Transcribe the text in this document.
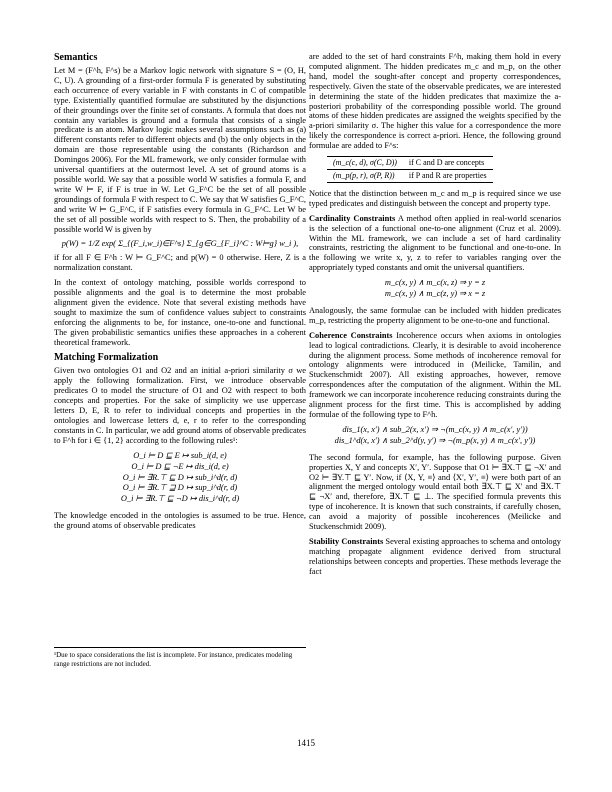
Semantics

Let M = (F^h, F^s) be a Markov logic network with signature S = (O, H, C, U). A grounding of a first-order formula F is generated by substituting each occurrence of every variable in F with constants in C of compatible type. Existentially quantified formulae are substituted by the disjunctions of their groundings over the finite set of constants. A formula that does not contain any variables is ground and a formula that consists of a single predicate is an atom. Markov logic makes several assumptions such as (a) different constants refer to different objects and (b) the only objects in the domain are those representable using the constants (Richardson and Domingos 2006). For the ML framework, we only consider formulae with universal quantifiers at the outermost level. A set of ground atoms is a possible world. We say that a possible world W satisfies a formula F, and write W ⊨ F, if F is true in W. Let G_F^C be the set of all possible groundings of formula F with respect to C. We say that W satisfies G_F^C, and write W ⊨ G_F^C, if F satisfies every formula in G_F^C. Let W be the set of all possible worlds with respect to S. Then, the probability of a possible world W is given by

p(W) = 1/Z exp( Σ_{(F_i,w_i)∈F^s} Σ_{g∈G_{F_i}^C : W⊨g} w_i ),

if for all F ∈ F^h : W ⊨ G_F^C; and p(W) = 0 otherwise. Here, Z is a normalization constant.

In the context of ontology matching, possible worlds correspond to possible alignments and the goal is to determine the most probable alignment given the evidence. Note that several existing methods have sought to maximize the sum of confidence values subject to constraints enforcing the alignments to be, for instance, one-to-one and functional. The given probabilistic semantics unifies these approaches in a coherent theoretical framework.

Matching Formalization

Given two ontologies O1 and O2 and an initial a-priori similarity σ we apply the following formalization. First, we introduce observable predicates O to model the structure of O1 and O2 with respect to both concepts and properties. For the sake of simplicity we use uppercase letters D, E, R to refer to individual concepts and properties in the ontologies and lowercase letters d, e, r to refer to the corresponding constants in C. In particular, we add ground atoms of observable predicates to F^h for i ∈ {1, 2} according to the following rules¹:

O_i ⊨ D ⊑ E ↦ sub_i(d, e)
O_i ⊨ D ⊑ ¬E ↦ dis_i(d, e)
O_i ⊨ ∃R.⊤ ⊑ D ↦ sub_i^d(r, d)
O_i ⊨ ∃R.⊤ ⊒ D ↦ sup_i^d(r, d)
O_i ⊨ ∃R.⊤ ⊑ ¬D ↦ dis_i^d(r, d)

The knowledge encoded in the ontologies is assumed to be true. Hence, the ground atoms of observable predicates

¹Due to space considerations the list is incomplete. For instance, predicates modeling range restrictions are not included.

are added to the set of hard constraints F^h, making them hold in every computed alignment. The hidden predicates m_c and m_p, on the other hand, model the sought-after concept and property correspondences, respectively. Given the state of the observable predicates, we are interested in determining the state of the hidden predicates that maximize the a-posteriori probability of the corresponding possible world. The ground atoms of these hidden predicates are assigned the weights specified by the a-priori similarity σ. The higher this value for a correspondence the more likely the correspondence is correct a-priori. Hence, the following ground formulae are added to F^s:

(m_c(c, d), σ(C, D))	if C and D are concepts
(m_p(p, r), σ(P, R))	if P and R are properties

Notice that the distinction between m_c and m_p is required since we use typed predicates and distinguish between the concept and property type.

Cardinality Constraints A method often applied in real-world scenarios is the selection of a functional one-to-one alignment (Cruz et al. 2009). Within the ML framework, we can include a set of hard cardinality constraints, restricting the alignment to be functional and one-to-one. In the following we write x, y, z to refer to variables ranging over the appropriately typed constants and omit the universal quantifiers.

m_c(x, y) ∧ m_c(x, z) ⇒ y = z
m_c(x, y) ∧ m_c(z, y) ⇒ x = z

Analogously, the same formulae can be included with hidden predicates m_p, restricting the property alignment to be one-to-one and functional.

Coherence Constraints Incoherence occurs when axioms in ontologies lead to logical contradictions. Clearly, it is desirable to avoid incoherence during the alignment process. Some methods of incoherence removal for ontology alignments were introduced in (Meilicke, Tamilin, and Stuckenschmidt 2007). All existing approaches, however, remove correspondences after the computation of the alignment. Within the ML framework we can incorporate incoherence reducing constraints during the alignment process for the first time. This is accomplished by adding formulae of the following type to F^h.

dis_1(x, x′) ∧ sub_2(x, x′) ⇒ ¬(m_c(x, y) ∧ m_c(x′, y′))
dis_1^d(x, x′) ∧ sub_2^d(y, y′) ⇒ ¬(m_p(x, y) ∧ m_c(x′, y′))

The second formula, for example, has the following purpose. Given properties X, Y and concepts X′, Y′. Suppose that O1 ⊨ ∃X.⊤ ⊑ ¬X′ and O2 ⊨ ∃Y.⊤ ⊑ Y′. Now, if ⟨X, Y, ≡⟩ and ⟨X′, Y′, ≡⟩ were both part of an alignment the merged ontology would entail both ∃X.⊤ ⊑ X′ and ∃X.⊤ ⊑ ¬X′ and, therefore, ∃X.⊤ ⊑ ⊥. The specified formula prevents this type of incoherence. It is known that such constraints, if carefully chosen, can avoid a majority of possible incoherences (Meilicke and Stuckenschmidt 2009).

Stability Constraints Several existing approaches to schema and ontology matching propagate alignment evidence derived from structural relationships between concepts and properties. These methods leverage the fact

1415
